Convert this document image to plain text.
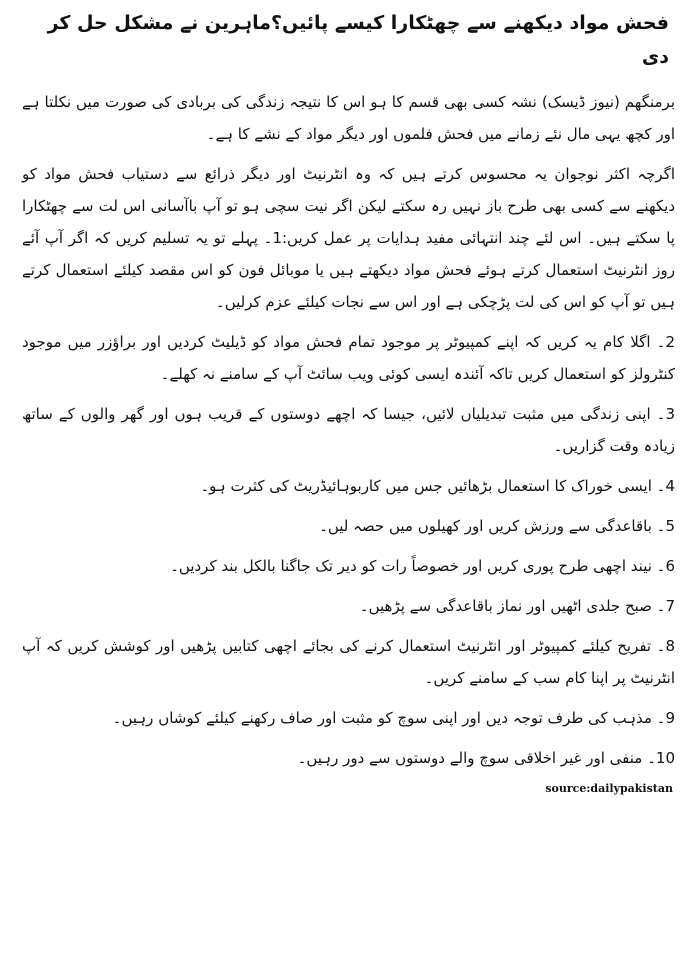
فحش مواد دیکھنے سے چھٹکارا کیسے پائیں؟ماہرین نے مشکل حل کر دی

برمنگھم (نیوز ڈیسک) نشہ کسی بھی قسم کا ہو اس کا نتیجہ زندگی کی بربادی کی صورت میں نکلتا ہے اور کچھ یہی مال نئے زمانے میں فحش فلموں اور دیگر مواد کے نشے کا ہے۔

اگرچہ اکثر نوجوان یہ محسوس کرتے ہیں کہ وہ انٹرنیٹ اور دیگر ذرائع سے دستیاب فحش مواد کو دیکھنے سے کسی بھی طرح باز نہیں رہ سکتے لیکن اگر نیت سچی ہو تو آپ باآسانی اس لت سے چھٹکارا پا سکتے ہیں۔ اس لئے چند انتہائی مفید ہدایات پر عمل کریں:1۔ پہلے تو یہ تسلیم کریں کہ اگر آپ آئے روز انٹرنیٹ استعمال کرتے ہوئے فحش مواد دیکھتے ہیں یا موبائل فون کو اس مقصد کیلئے استعمال کرتے ہیں تو آپ کو اس کی لت پڑچکی ہے اور اس سے نجات کیلئے عزم کرلیں۔

2۔ اگلا کام یہ کریں کہ اپنے کمپیوٹر پر موجود تمام فحش مواد کو ڈیلیٹ کردیں اور براؤزر میں موجود کنٹرولز کو استعمال کریں تاکہ آئندہ ایسی کوئی ویب سائٹ آپ کے سامنے نہ کھلے۔

3۔ اپنی زندگی میں مثبت تبدیلیاں لائیں، جیسا کہ اچھے دوستوں کے قریب ہوں اور گھر والوں کے ساتھ زیادہ وقت گزاریں۔

4۔ ایسی خوراک کا استعمال بڑھائیں جس میں کاربوہائیڈریٹ کی کثرت ہو۔

5۔ باقاعدگی سے ورزش کریں اور کھیلوں میں حصہ لیں۔

6۔ نیند اچھی طرح پوری کریں اور خصوصاً رات کو دیر تک جاگنا بالکل بند کردیں۔

7۔ صبح جلدی اٹھیں اور نماز باقاعدگی سے پڑھیں۔

8۔ تفریح کیلئے کمپیوٹر اور انٹرنیٹ استعمال کرنے کی بجائے اچھی کتابیں پڑھیں اور کوشش کریں کہ آپ انٹرنیٹ پر اپنا کام سب کے سامنے کریں۔

9۔ مذہب کی طرف توجہ دیں اور اپنی سوچ کو مثبت اور صاف رکھنے کیلئے کوشاں رہیں۔

10۔ منفی اور غیر اخلاقی سوچ والے دوستوں سے دور رہیں۔

source:dailypakistan
